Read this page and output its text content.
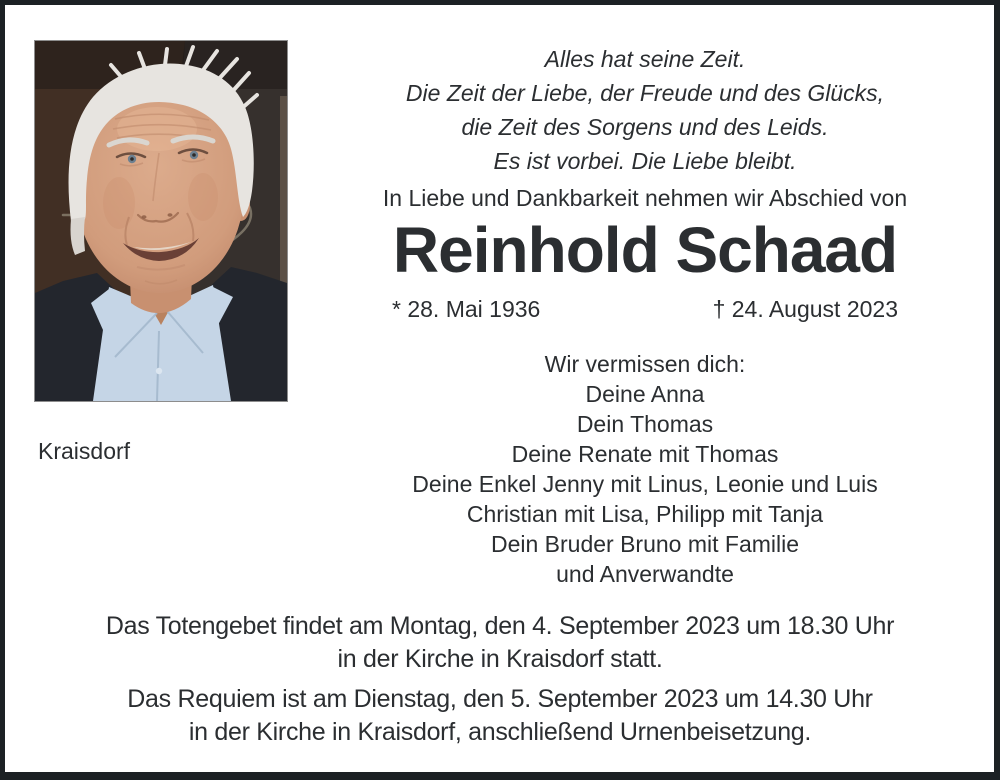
Alles hat seine Zeit.
Die Zeit der Liebe, der Freude und des Glücks,
die Zeit des Sorgens und des Leids.
Es ist vorbei. Die Liebe bleibt.
In Liebe und Dankbarkeit nehmen wir Abschied von
Reinhold Schaad
* 28. Mai 1936	† 24. August 2023
Wir vermissen dich:
Deine Anna
Dein Thomas
Deine Renate mit Thomas
Deine Enkel Jenny mit Linus, Leonie und Luis
Christian mit Lisa, Philipp mit Tanja
Dein Bruder Bruno mit Familie
und Anverwandte
Kraisdorf
Das Totengebet findet am Montag, den 4. September 2023 um 18.30 Uhr
in der Kirche in Kraisdorf statt.
Das Requiem ist am Dienstag, den 5. September 2023 um 14.30 Uhr
in der Kirche in Kraisdorf, anschließend Urnenbeisetzung.
